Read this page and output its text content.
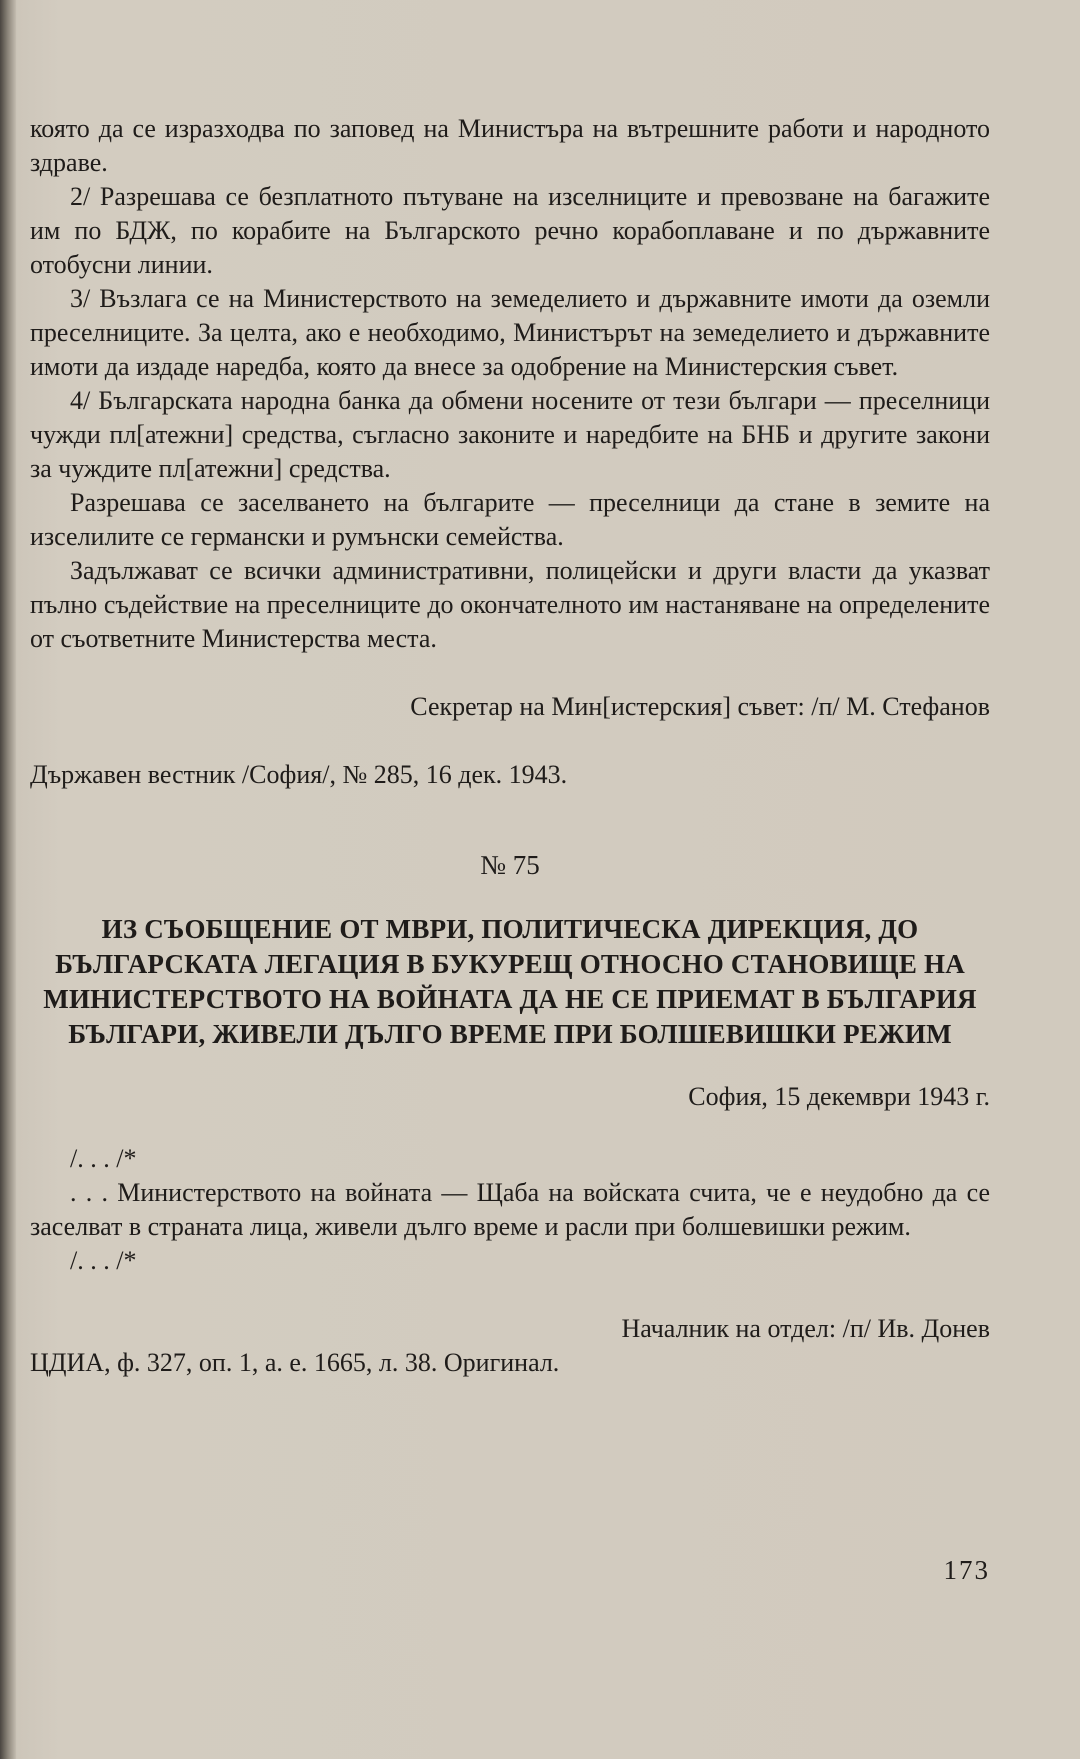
която да се изразходва по заповед на Министъра на вътрешните работи и народното здраве.

2/ Разрешава се безплатното пътуване на изселниците и превозване на багажите им по БДЖ, по корабите на Българското речно корабоплаване и по държавните отобусни линии.

3/ Възлага се на Министерството на земеделието и държавните имоти да оземли преселниците. За целта, ако е необходимо, Министърът на земеделието и държавните имоти да издаде наредба, която да внесе за одобрение на Министерския съвет.

4/ Българската народна банка да обмени носените от тези българи — преселници чужди пл[атежни] средства, съгласно законите и наредбите на БНБ и другите закони за чуждите пл[атежни] средства.

Разрешава се заселването на българите — преселници да стане в земите на изселилите се германски и румънски семейства.

Задължават се всички административни, полицейски и други власти да указват пълно съдействие на преселниците до окончателното им настаняване на определените от съответните Министерства места.

Секретар на Мин[истерския] съвет: /п/ М. Стефанов

Държавен вестник /София/, № 285, 16 дек. 1943.

№ 75

ИЗ СЪОБЩЕНИЕ ОТ МВРИ, ПОЛИТИЧЕСКА ДИРЕКЦИЯ, ДО БЪЛГАРСКАТА ЛЕГАЦИЯ В БУКУРЕЩ ОТНОСНО СТАНОВИЩЕ НА МИНИСТЕРСТВОТО НА ВОЙНАТА ДА НЕ СЕ ПРИЕМАТ В БЪЛГАРИЯ БЪЛГАРИ, ЖИВЕЛИ ДЪЛГО ВРЕМЕ ПРИ БОЛШЕВИШКИ РЕЖИМ

София, 15 декември 1943 г.

/. . . /*

. . . Министерството на войната — Щаба на войската счита, че е неудобно да се заселват в страната лица, живели дълго време и расли при болшевишки режим.

/. . . /*

Началник на отдел: /п/ Ив. Донев

ЦДИА, ф. 327, оп. 1, а. е. 1665, л. 38. Оригинал.

173
